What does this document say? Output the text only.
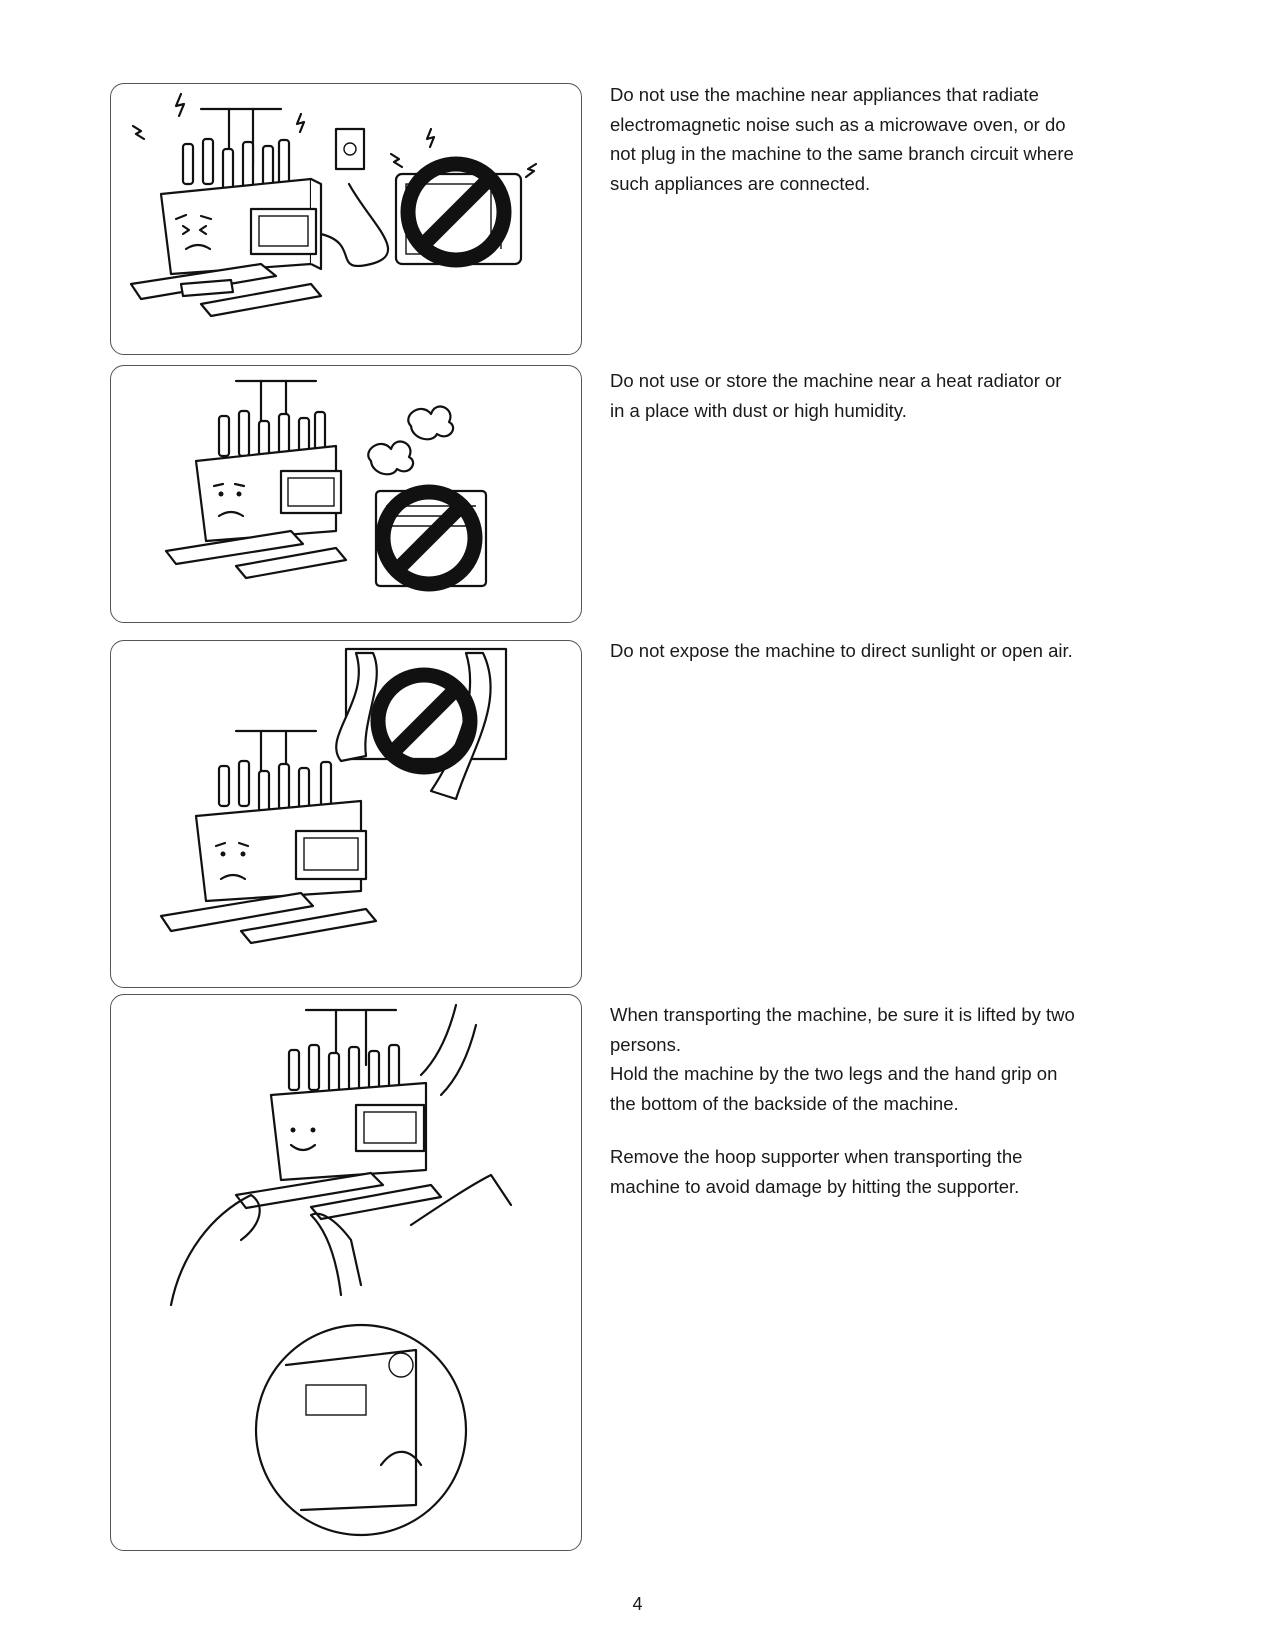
Do not use the machine near appliances that radiate electromagnetic noise such as a microwave oven, or do not plug in the machine to the same branch circuit where such appliances are connected.

Do not use or store the machine near a heat radiator or in a place with dust or high humidity.

Do not expose the machine to direct sunlight or open air.

When transporting the machine, be sure it is lifted by two persons.

Hold the machine by the two legs and the hand grip on the bottom of the backside of the machine.

Remove the hoop supporter when transporting the machine to avoid damage by hitting the supporter.

4
